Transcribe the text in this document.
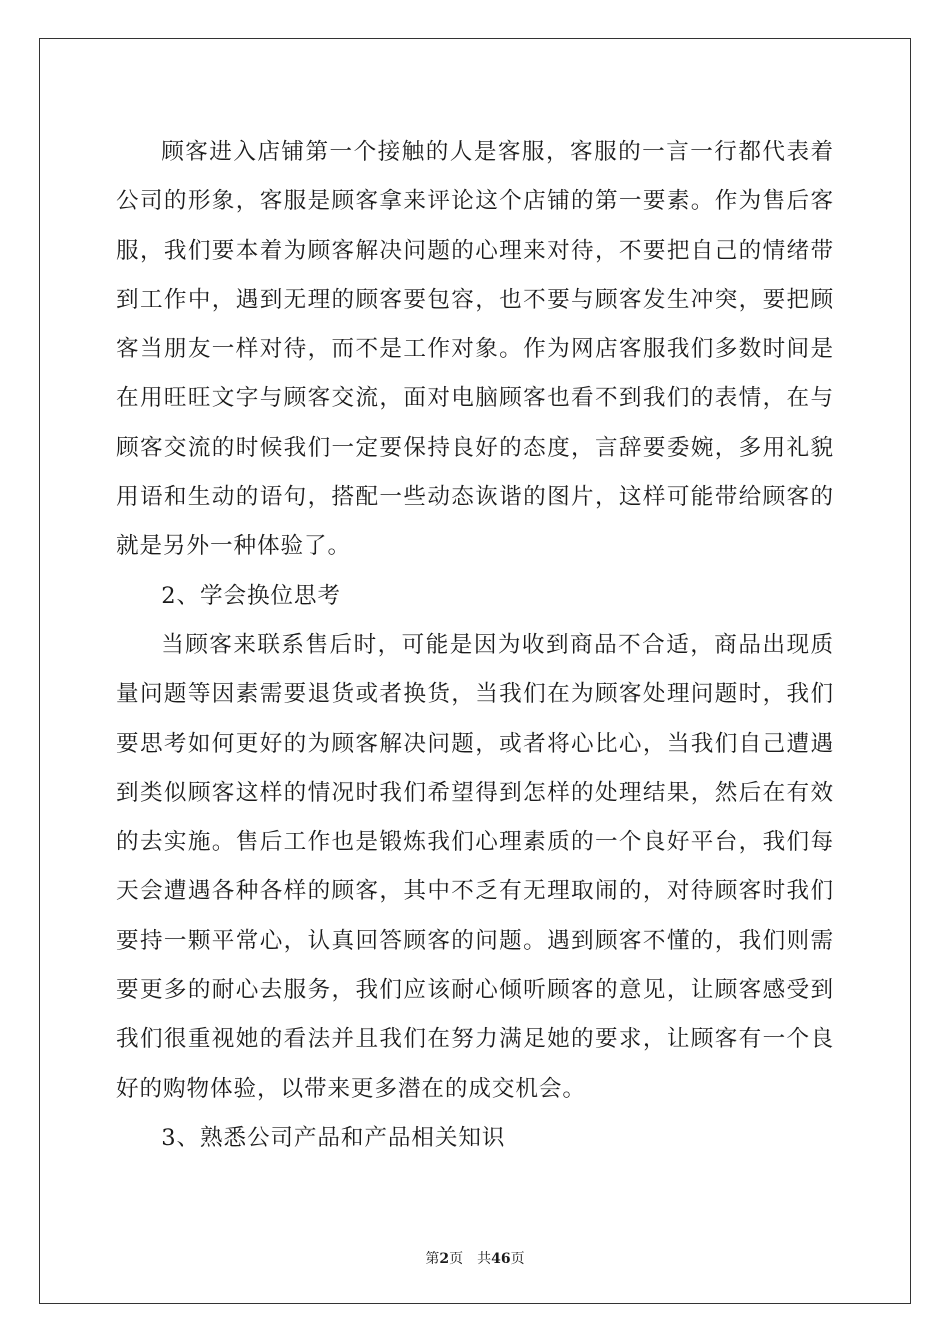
顾客进入店铺第一个接触的人是客服，客服的一言一行都代表着公司的形象，客服是顾客拿来评论这个店铺的第一要素。作为售后客服，我们要本着为顾客解决问题的心理来对待，不要把自己的情绪带到工作中，遇到无理的顾客要包容，也不要与顾客发生冲突，要把顾客当朋友一样对待，而不是工作对象。作为网店客服我们多数时间是在用旺旺文字与顾客交流，面对电脑顾客也看不到我们的表情，在与顾客交流的时候我们一定要保持良好的态度，言辞要委婉，多用礼貌用语和生动的语句，搭配一些动态诙谐的图片，这样可能带给顾客的就是另外一种体验了。

2、学会换位思考

当顾客来联系售后时，可能是因为收到商品不合适，商品出现质量问题等因素需要退货或者换货，当我们在为顾客处理问题时，我们要思考如何更好的为顾客解决问题，或者将心比心，当我们自己遭遇到类似顾客这样的情况时我们希望得到怎样的处理结果，然后在有效的去实施。售后工作也是锻炼我们心理素质的一个良好平台，我们每天会遭遇各种各样的顾客，其中不乏有无理取闹的，对待顾客时我们要持一颗平常心，认真回答顾客的问题。遇到顾客不懂的，我们则需要更多的耐心去服务，我们应该耐心倾听顾客的意见，让顾客感受到我们很重视她的看法并且我们在努力满足她的要求，让顾客有一个良好的购物体验，以带来更多潜在的成交机会。

3、熟悉公司产品和产品相关知识

第2页 共46页
